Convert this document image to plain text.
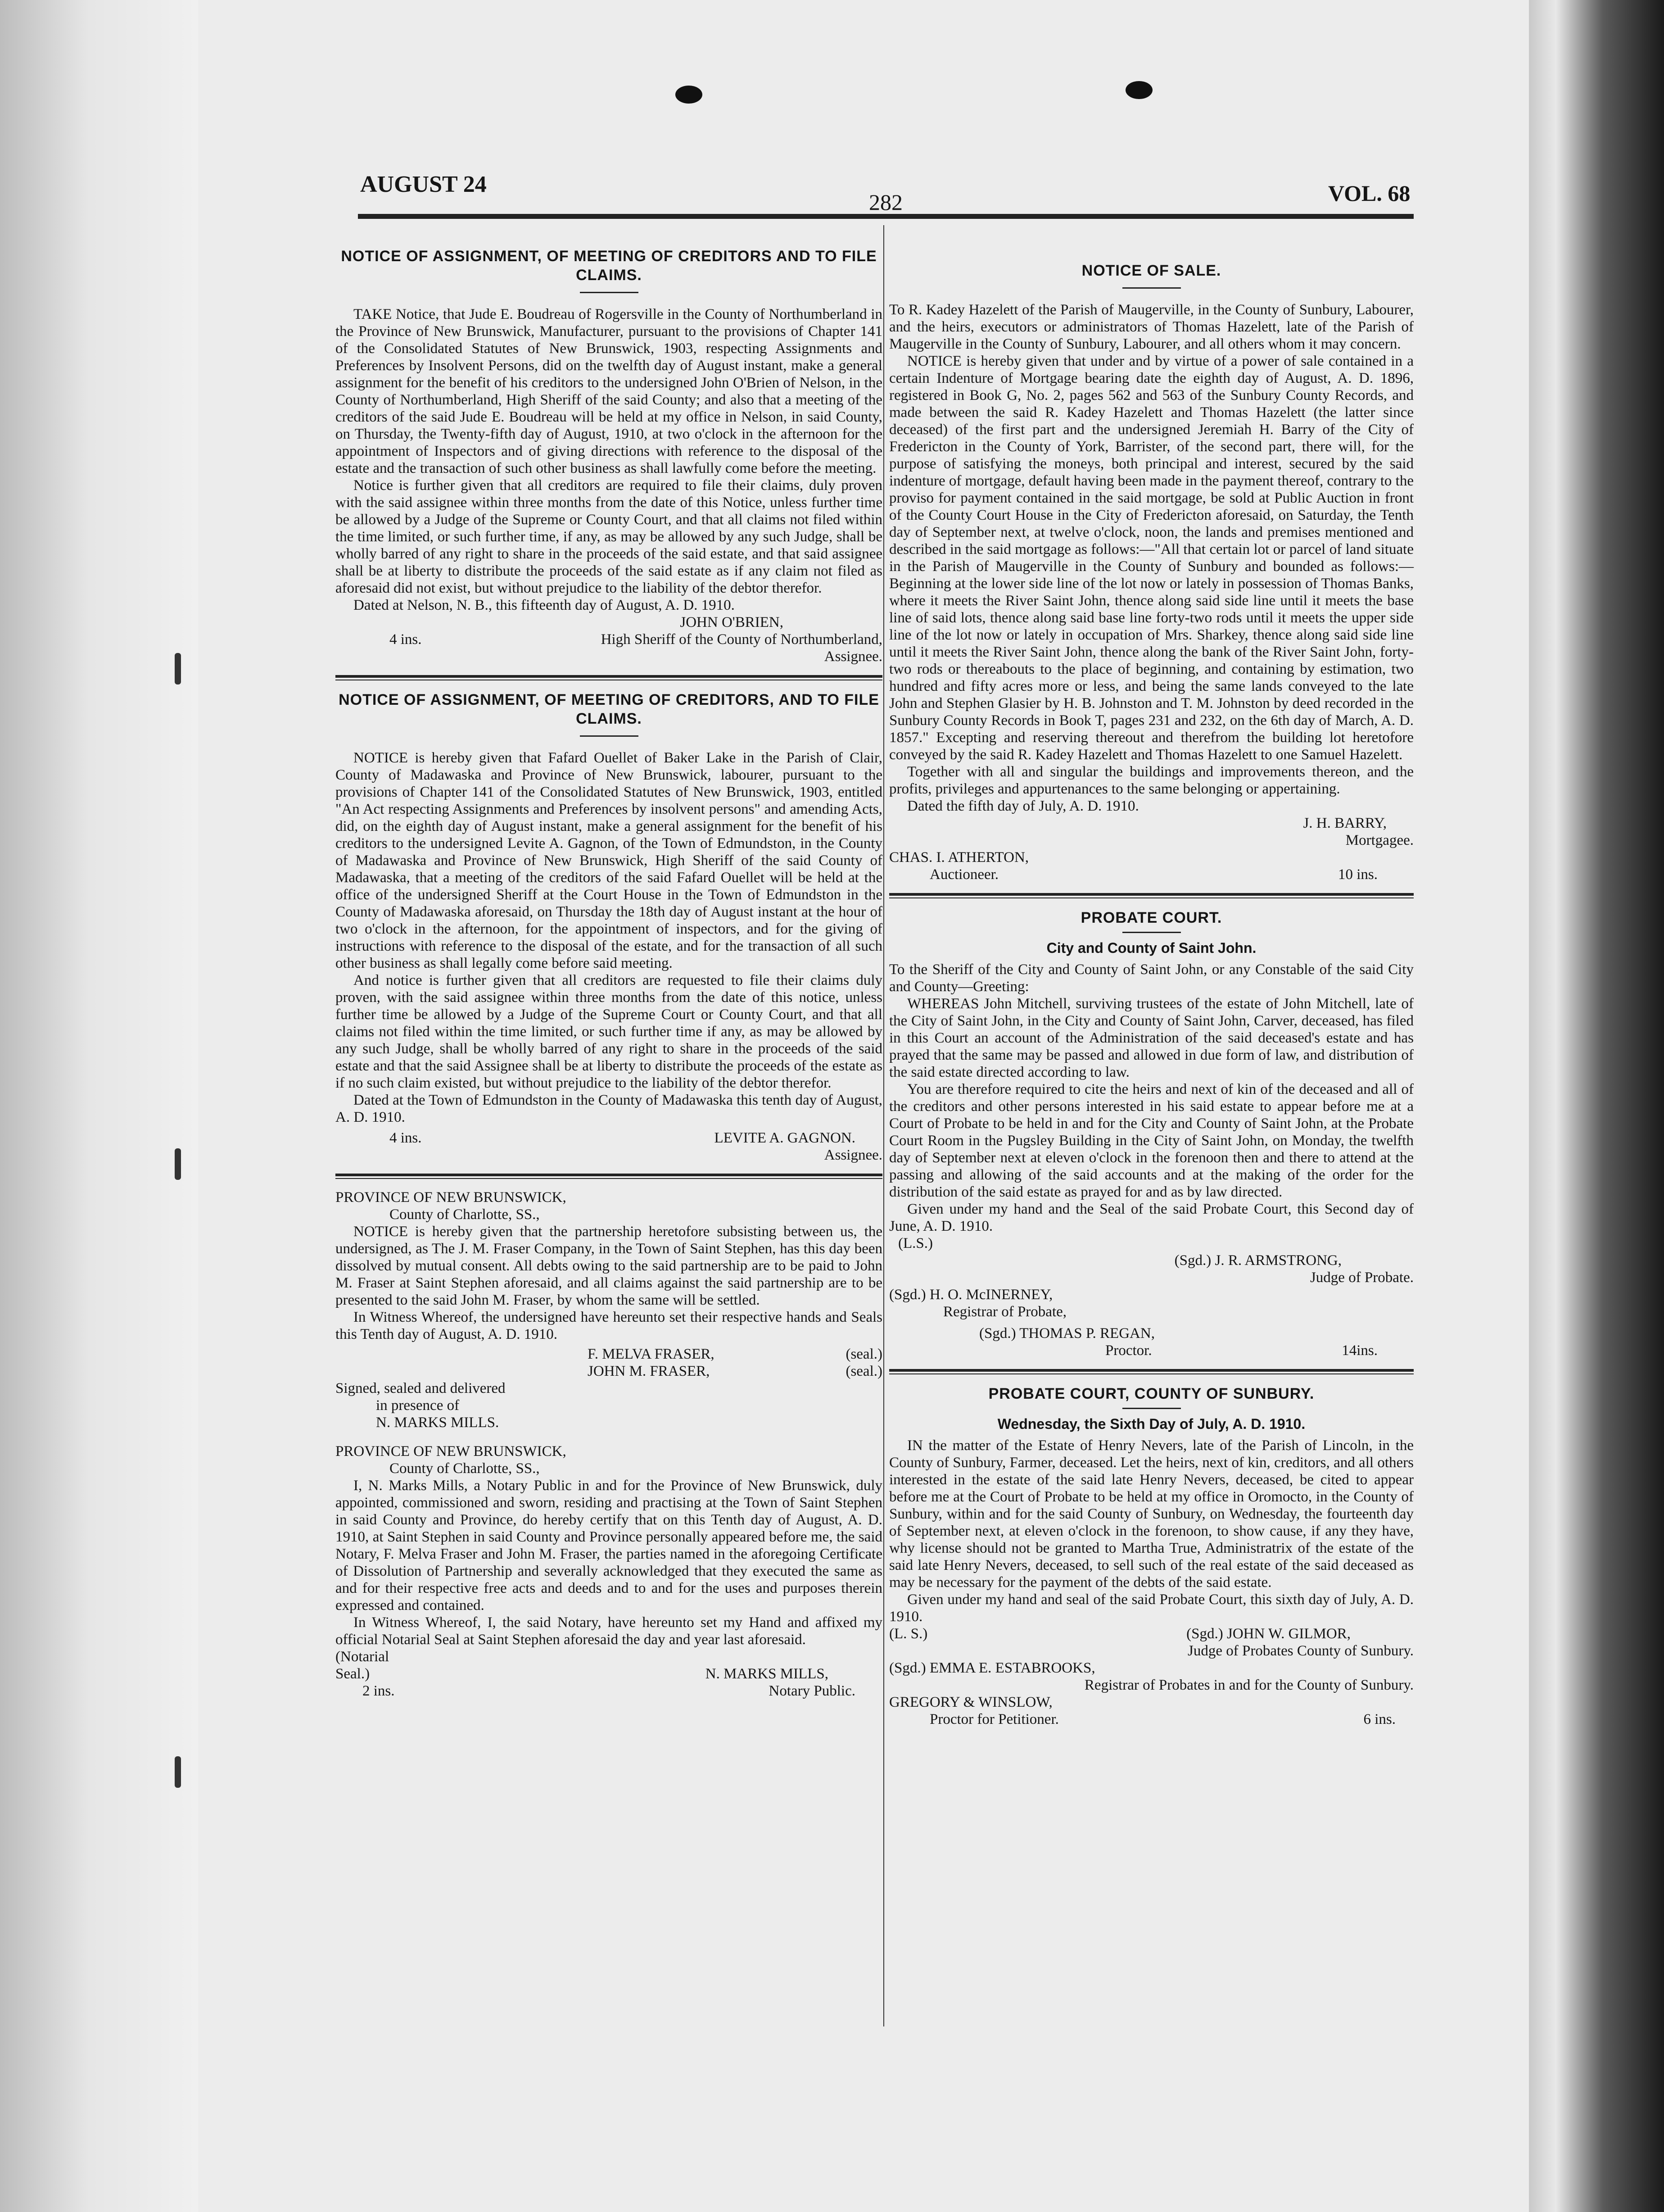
AUGUST 24
282	VOL. 68
NOTICE OF ASSIGNMENT, OF MEETING OF CREDITORS AND TO FILE CLAIMS.

TAKE Notice, that Jude E. Boudreau of Rogersville in the County of Northumberland in the Province of New Brunswick, Manufacturer, pursuant to the provisions of Chapter 141 of the Consolidated Statutes of New Brunswick, 1903, respecting Assignments and Preferences by Insolvent Persons, did on the twelfth day of August instant, make a general assignment for the benefit of his creditors to the undersigned John O'Brien of Nelson, in the County of Northumberland, High Sheriff of the said County; and also that a meeting of the creditors of the said Jude E. Boudreau will be held at my office in Nelson, in said County, on Thursday, the Twenty-fifth day of August, 1910, at two o'clock in the afternoon for the appointment of Inspectors and of giving directions with reference to the disposal of the estate and the transaction of such other business as shall lawfully come before the meeting.

Notice is further given that all creditors are required to file their claims, duly proven with the said assignee within three months from the date of this Notice, unless further time be allowed by a Judge of the Supreme or County Court, and that all claims not filed within the time limited, or such further time, if any, as may be allowed by any such Judge, shall be wholly barred of any right to share in the proceeds of the said estate, and that said assignee shall be at liberty to distribute the proceeds of the said estate as if any claim not filed as aforesaid did not exist, but without prejudice to the liability of the debtor therefor.

Dated at Nelson, N. B., this fifteenth day of August, A. D. 1910.

JOHN O'BRIEN,
4 ins.	High Sheriff of the County of Northumberland,
Assignee.
NOTICE OF ASSIGNMENT, OF MEETING OF CREDITORS, AND TO FILE CLAIMS.

NOTICE is hereby given that Fafard Ouellet of Baker Lake in the Parish of Clair, County of Madawaska and Province of New Brunswick, labourer, pursuant to the provisions of Chapter 141 of the Consolidated Statutes of New Brunswick, 1903, entitled "An Act respecting Assignments and Preferences by insolvent persons" and amending Acts, did, on the eighth day of August instant, make a general assignment for the benefit of his creditors to the undersigned Levite A. Gagnon, of the Town of Edmundston, in the County of Madawaska and Province of New Brunswick, High Sheriff of the said County of Madawaska, that a meeting of the creditors of the said Fafard Ouellet will be held at the office of the undersigned Sheriff at the Court House in the Town of Edmundston in the County of Madawaska aforesaid, on Thursday the 18th day of August instant at the hour of two o'clock in the afternoon, for the appointment of inspectors, and for the giving of instructions with reference to the disposal of the estate, and for the transaction of all such other business as shall legally come before said meeting.

And notice is further given that all creditors are requested to file their claims duly proven, with the said assignee within three months from the date of this notice, unless further time be allowed by a Judge of the Supreme Court or County Court, and that all claims not filed within the time limited, or such further time if any, as may be allowed by any such Judge, shall be wholly barred of any right to share in the proceeds of the said estate and that the said Assignee shall be at liberty to distribute the proceeds of the estate as if no such claim existed, but without prejudice to the liability of the debtor therefor.

Dated at the Town of Edmundston in the County of Madawaska this tenth day of August, A. D. 1910.

4 ins.	LEVITE A. GAGNON.
Assignee.
PROVINCE OF NEW BRUNSWICK,
County of Charlotte, SS.,

NOTICE is hereby given that the partnership heretofore subsisting between us, the undersigned, as The J. M. Fraser Company, in the Town of Saint Stephen, has this day been dissolved by mutual consent. All debts owing to the said partnership are to be paid to John M. Fraser at Saint Stephen aforesaid, and all claims against the said partnership are to be presented to the said John M. Fraser, by whom the same will be settled.

In Witness Whereof, the undersigned have hereunto set their respective hands and Seals this Tenth day of August, A. D. 1910.

F. MELVA FRASER,	(seal.)
JOHN M. FRASER,	(seal.)
Signed, sealed and delivered
in presence of
N. MARKS MILLS.
PROVINCE OF NEW BRUNSWICK,
County of Charlotte, SS.,

I, N. Marks Mills, a Notary Public in and for the Province of New Brunswick, duly appointed, commissioned and sworn, residing and practising at the Town of Saint Stephen in said County and Province, do hereby certify that on this Tenth day of August, A. D. 1910, at Saint Stephen in said County and Province personally appeared before me, the said Notary, F. Melva Fraser and John M. Fraser, the parties named in the aforegoing Certificate of Dissolution of Partnership and severally acknowledged that they executed the same as and for their respective free acts and deeds and to and for the uses and purposes therein expressed and contained.

In Witness Whereof, I, the said Notary, have hereunto set my Hand and affixed my official Notarial Seal at Saint Stephen aforesaid the day and year last aforesaid.

(Notarial
Seal.)	N. MARKS MILLS,
2 ins.	Notary Public.
NOTICE OF SALE.

To R. Kadey Hazelett of the Parish of Maugerville, in the County of Sunbury, Labourer, and the heirs, executors or administrators of Thomas Hazelett, late of the Parish of Maugerville in the County of Sunbury, Labourer, and all others whom it may concern.

NOTICE is hereby given that under and by virtue of a power of sale contained in a certain Indenture of Mortgage bearing date the eighth day of August, A. D. 1896, registered in Book G, No. 2, pages 562 and 563 of the Sunbury County Records, and made between the said R. Kadey Hazelett and Thomas Hazelett (the latter since deceased) of the first part and the undersigned Jeremiah H. Barry of the City of Fredericton in the County of York, Barrister, of the second part, there will, for the purpose of satisfying the moneys, both principal and interest, secured by the said indenture of mortgage, default having been made in the payment thereof, contrary to the proviso for payment contained in the said mortgage, be sold at Public Auction in front of the County Court House in the City of Fredericton aforesaid, on Saturday, the Tenth day of September next, at twelve o'clock, noon, the lands and premises mentioned and described in the said mortgage as follows:—"All that certain lot or parcel of land situate in the Parish of Maugerville in the County of Sunbury and bounded as follows:—Beginning at the lower side line of the lot now or lately in possession of Thomas Banks, where it meets the River Saint John, thence along said side line until it meets the base line of said lots, thence along said base line forty-two rods until it meets the upper side line of the lot now or lately in occupation of Mrs. Sharkey, thence along said side line until it meets the River Saint John, thence along the bank of the River Saint John, forty-two rods or thereabouts to the place of beginning, and containing by estimation, two hundred and fifty acres more or less, and being the same lands conveyed to the late John and Stephen Glasier by H. B. Johnston and T. M. Johnston by deed recorded in the Sunbury County Records in Book T, pages 231 and 232, on the 6th day of March, A. D. 1857." Excepting and reserving thereout and therefrom the building lot heretofore conveyed by the said R. Kadey Hazelett and Thomas Hazelett to one Samuel Hazelett.

Together with all and singular the buildings and improvements thereon, and the profits, privileges and appurtenances to the same belonging or appertaining.

Dated the fifth day of July, A. D. 1910.

J. H. BARRY,
Mortgagee.
CHAS. I. ATHERTON,
Auctioneer.	10 ins.
PROBATE COURT.
City and County of Saint John.

To the Sheriff of the City and County of Saint John, or any Constable of the said City and County—Greeting:

WHEREAS John Mitchell, surviving trustees of the estate of John Mitchell, late of the City of Saint John, in the City and County of Saint John, Carver, deceased, has filed in this Court an account of the Administration of the said deceased's estate and has prayed that the same may be passed and allowed in due form of law, and distribution of the said estate directed according to law.

You are therefore required to cite the heirs and next of kin of the deceased and all of the creditors and other persons interested in his said estate to appear before me at a Court of Probate to be held in and for the City and County of Saint John, at the Probate Court Room in the Pugsley Building in the City of Saint John, on Monday, the twelfth day of September next at eleven o'clock in the forenoon then and there to attend at the passing and allowing of the said accounts and at the making of the order for the distribution of the said estate as prayed for and as by law directed.

Given under my hand and the Seal of the said Probate Court, this Second day of June, A. D. 1910.

(L.S.)
(Sgd.) J. R. ARMSTRONG,
Judge of Probate.
(Sgd.) H. O. McINERNEY,
Registrar of Probate,
(Sgd.) THOMAS P. REGAN,
Proctor.	14ins.
PROBATE COURT, COUNTY OF SUNBURY.
Wednesday, the Sixth Day of July, A. D. 1910.

IN the matter of the Estate of Henry Nevers, late of the Parish of Lincoln, in the County of Sunbury, Farmer, deceased. Let the heirs, next of kin, creditors, and all others interested in the estate of the said late Henry Nevers, deceased, be cited to appear before me at the Court of Probate to be held at my office in Oromocto, in the County of Sunbury, within and for the said County of Sunbury, on Wednesday, the fourteenth day of September next, at eleven o'clock in the forenoon, to show cause, if any they have, why license should not be granted to Martha True, Administratrix of the estate of the said late Henry Nevers, deceased, to sell such of the real estate of the said deceased as may be necessary for the payment of the debts of the said estate.

Given under my hand and seal of the said Probate Court, this sixth day of July, A. D. 1910.

(L. S.)	(Sgd.) JOHN W. GILMOR,
Judge of Probates County of Sunbury.
(Sgd.) EMMA E. ESTABROOKS,
Registrar of Probates in and for the County of Sunbury.
GREGORY & WINSLOW,
Proctor for Petitioner.	6 ins.
